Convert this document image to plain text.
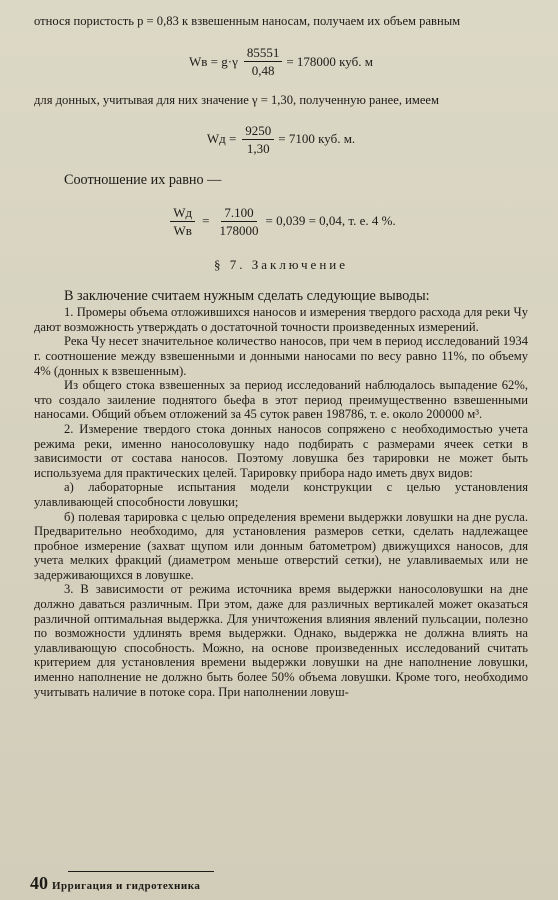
относя пористость p = 0,83 к взвешенным наносам, получаем их объем равным

Wв = $g\cdot\gamma \frac{85551}{0,48} = 178000$ куб. м

для донных, учитывая для них значение γ = 1,30, полученную ранее, имеем

Wд = $\frac{9250}{1,30} = 7100$ куб. м.

Соотношение их равно —

$\frac{Wд}{Wв} = \frac{7.100}{178000} = 0,039 = 0,04$, т. е. 4 %.
§ 7. Заключение

В заключение считаем нужным сделать следующие выводы:

1. Промеры объема отложившихся наносов и измерения твердого расхода для реки Чу дают возможность утверждать о достаточной точности произведенных измерений.

Река Чу несет значительное количество наносов, при чем в период исследований 1934 г. соотношение между взвешенными и донными наносами по весу равно 11%, по объему 4% (донных к взвешенным).

Из общего стока взвешенных за период исследований наблюдалось выпадение 62%, что создало заиление поднятого бьефа в этот период преимущественно взвешенными наносами. Общий объем отложений за 45 суток равен 198786, т. е. около 200000 м³.

2. Измерение твердого стока донных наносов сопряжено с необходимостью учета режима реки, именно наносоловушку надо подбирать с размерами ячеек сетки в зависимости от состава наносов. Поэтому ловушка без тарировки не может быть используема для практических целей. Тарировку прибора надо иметь двух видов:

а) лабораторные испытания модели конструкции с целью установления улавливающей способности ловушки;

б) полевая тарировка с целью определения времени выдержки ловушки на дне русла. Предварительно необходимо, для установления размеров сетки, сделать надлежащее пробное измерение (захват щупом или донным батометром) движущихся наносов, для учета мелких фракций (диаметром меньше отверстий сетки), не улавливаемых или не задерживающихся в ловушке.

3. В зависимости от режима источника время выдержки наносоловушки на дне должно даваться различным. При этом, даже для различных вертикалей может оказаться различной оптимальная выдержка. Для уничтожения влияния явлений пульсации, полезно по возможности удлинять время выдержки. Однако, выдержка не должна влиять на улавливающую способность. Можно, на основе произведенных исследований считать критерием для установления времени выдержки ловушки на дне наполнение ловушки, именно наполнение не должно быть более 50% объема ловушки. Кроме того, необходимо учитывать наличие в потоке сора. При наполнении ловуш-

40 Ирригация и гидротехника
